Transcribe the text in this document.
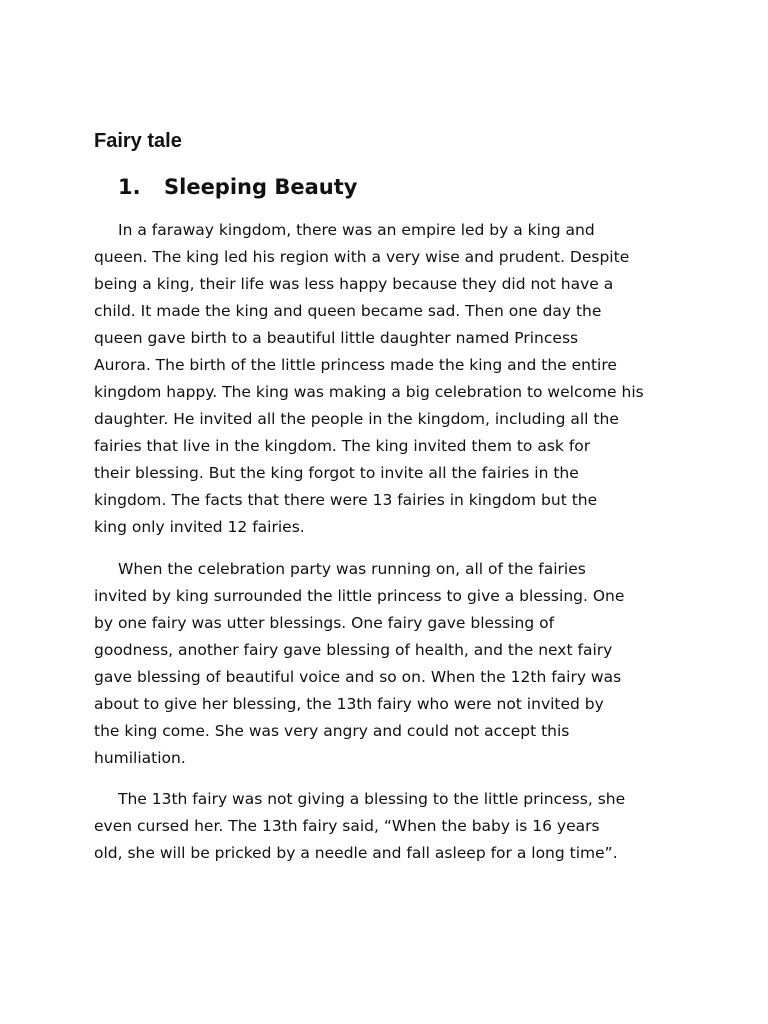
Fairy tale
1. Sleeping Beauty

In a faraway kingdom, there was an empire led by a king and
queen. The king led his region with a very wise and prudent. Despite
being a king, their life was less happy because they did not have a
child. It made the king and queen became sad. Then one day the
queen gave birth to a beautiful little daughter named Princess
Aurora. The birth of the little princess made the king and the entire
kingdom happy. The king was making a big celebration to welcome his
daughter. He invited all the people in the kingdom, including all the
fairies that live in the kingdom. The king invited them to ask for
their blessing. But the king forgot to invite all the fairies in the
kingdom. The facts that there were 13 fairies in kingdom but the
king only invited 12 fairies.

When the celebration party was running on, all of the fairies
invited by king surrounded the little princess to give a blessing. One
by one fairy was utter blessings. One fairy gave blessing of
goodness, another fairy gave blessing of health, and the next fairy
gave blessing of beautiful voice and so on. When the 12th fairy was
about to give her blessing, the 13th fairy who were not invited by
the king come. She was very angry and could not accept this
humiliation.

The 13th fairy was not giving a blessing to the little princess, she
even cursed her. The 13th fairy said, “When the baby is 16 years
old, she will be pricked by a needle and fall asleep for a long time”.
